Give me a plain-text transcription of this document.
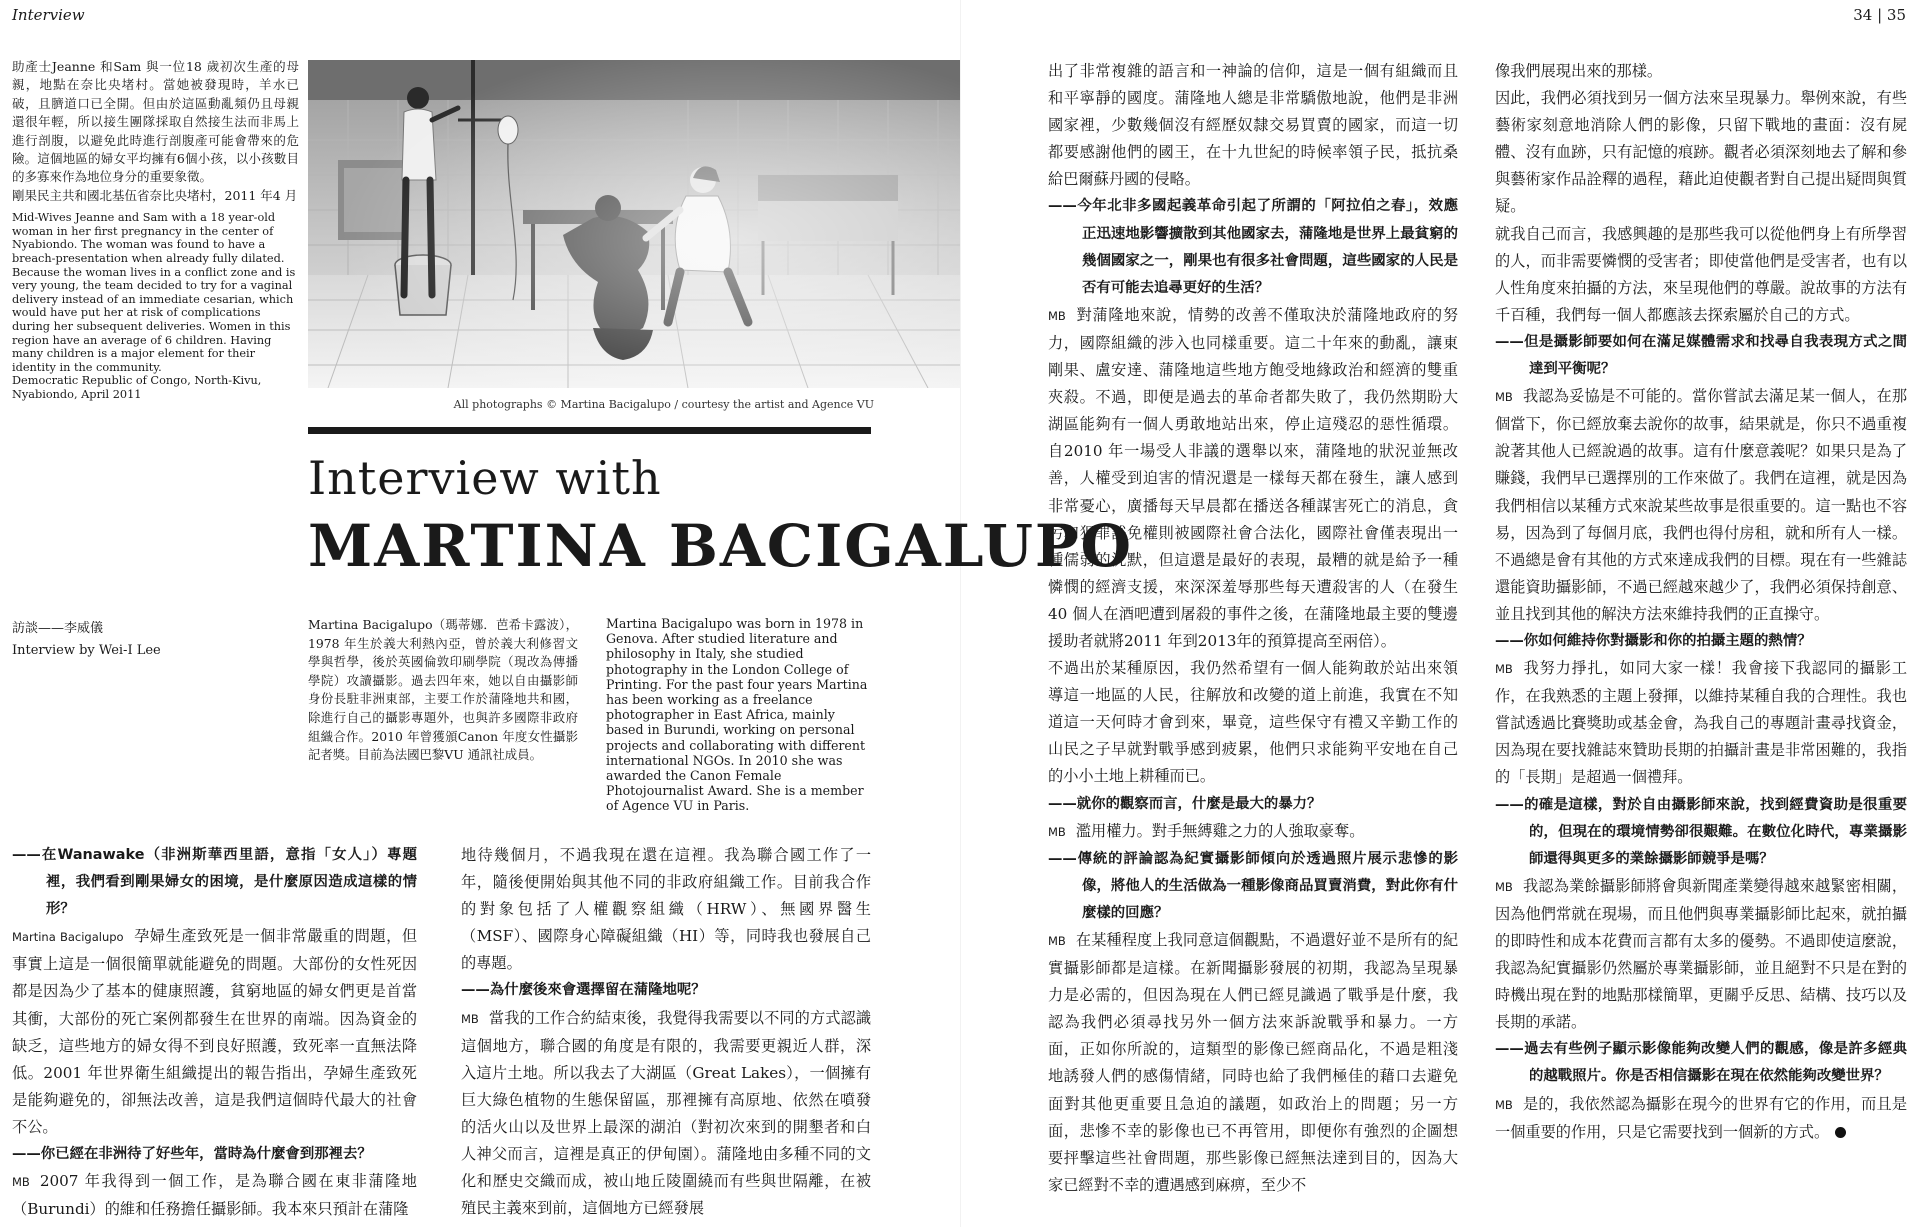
Interview	34 | 35

助產士Jeanne 和Sam 與一位18 歲初次生產的母親，地點在奈比央堵村。當她被發現時，羊水已破，且臍道口已全開。但由於這區動亂頻仍且母親還很年輕，所以接生團隊採取自然接生法而非馬上進行剖腹，以避免此時進行剖腹產可能會帶來的危險。這個地區的婦女平均擁有6個小孩，以小孩數目的多寡來作為地位身分的重要象徵。

剛果民主共和國北基伍省奈比央堵村，2011 年4 月

Mid-Wives Jeanne and Sam with a 18 year-old woman in her first pregnancy in the center of Nyabiondo. The woman was found to have a breach-presentation when already fully dilated. Because the woman lives in a conflict zone and is very young, the team decided to try for a vaginal delivery instead of an immediate cesarian, which would have put her at risk of complications during her subsequent deliveries. Women in this region have an average of 6 children. Having many children is a major element for their identity in the community.

Democratic Republic of Congo, North-Kivu, Nyabiondo, April 2011

All photographs © Martina Bacigalupo / courtesy the artist and Agence VU
Interview with
MARTINA BACIGALUPO
訪談——李威儀
Interview by Wei-I Lee
Martina Bacigalupo（瑪蒂娜．芭希卡露波），1978 年生於義大利熱內亞，曾於義大利修習文學與哲學，後於英國倫敦印刷學院（現改為傳播學院）攻讀攝影。過去四年來，她以自由攝影師身份長駐非洲東部，主要工作於蒲隆地共和國，除進行自己的攝影專題外，也與許多國際非政府組織合作。2010 年曾獲頒Canon 年度女性攝影記者獎。目前為法國巴黎VU 通訊社成員。
Martina Bacigalupo was born in 1978 in Genova. After studied literature and philosophy in Italy, she studied photography in the London College of Printing. For the past four years Martina has been working as a freelance photographer in East Africa, mainly based in Burundi, working on personal projects and collaborating with different international NGOs. In 2010 she was awarded the Canon Female Photojournalist Award. She is a member of Agence VU in Paris.

——在Wanawake（非洲斯華西里語，意指「女人」）專題裡，我們看到剛果婦女的困境，是什麼原因造成這樣的情形？

Martina Bacigalupo 孕婦生產致死是一個非常嚴重的問題，但事實上這是一個很簡單就能避免的問題。大部份的女性死因都是因為少了基本的健康照護，貧窮地區的婦女們更是首當其衝，大部份的死亡案例都發生在世界的南端。因為資金的缺乏，這些地方的婦女得不到良好照護，致死率一直無法降低。2001 年世界衛生組織提出的報告指出，孕婦生產致死是能夠避免的，卻無法改善，這是我們這個時代最大的社會不公。

——你已經在非洲待了好些年，當時為什麼會到那裡去？

MB 2007 年我得到一個工作，是為聯合國在東非蒲隆地（Burundi）的維和任務擔任攝影師。我本來只預計在蒲隆

地待幾個月，不過我現在還在這裡。我為聯合國工作了一年，隨後便開始與其他不同的非政府組織工作。目前我合作的對象包括了人權觀察組織（HRW）、無國界醫生（MSF）、國際身心障礙組織（HI）等，同時我也發展自己的專題。

——為什麼後來會選擇留在蒲隆地呢？

MB 當我的工作合約結束後，我覺得我需要以不同的方式認識這個地方，聯合國的角度是有限的，我需要更親近人群，深入這片土地。所以我去了大湖區（Great Lakes），一個擁有巨大綠色植物的生態保留區，那裡擁有高原地、依然在噴發的活火山以及世界上最深的湖泊（對初次來到的開墾者和白人神父而言，這裡是真正的伊甸園）。蒲隆地由多種不同的文化和歷史交織而成，被山地丘陵圍繞而有些與世隔離，在被殖民主義來到前，這個地方已經發展

出了非常複雜的語言和一神論的信仰，這是一個有組織而且和平寧靜的國度。蒲隆地人總是非常驕傲地說，他們是非洲國家裡，少數幾個沒有經歷奴隸交易買賣的國家，而這一切都要感謝他們的國王，在十九世紀的時候率領子民，抵抗桑給巴爾蘇丹國的侵略。

——今年北非多國起義革命引起了所謂的「阿拉伯之春」，效應正迅速地影響擴散到其他國家去，蒲隆地是世界上最貧窮的幾個國家之一，剛果也有很多社會問題，這些國家的人民是否有可能去追尋更好的生活？

MB 對蒲隆地來說，情勢的改善不僅取決於蒲隆地政府的努力，國際組織的涉入也同樣重要。這二十年來的動亂，讓東剛果、盧安達、蒲隆地這些地方飽受地緣政治和經濟的雙重夾殺。不過，即便是過去的革命者都失敗了，我仍然期盼大湖區能夠有一個人勇敢地站出來，停止這殘忍的惡性循環。自2010 年一場受人非議的選舉以來，蒲隆地的狀況並無改善，人權受到迫害的情況還是一樣每天都在發生，讓人感到非常憂心，廣播每天早晨都在播送各種謀害死亡的消息，貪污和犯罪豁免權則被國際社會合法化，國際社會僅表現出一種儒弱的沈默，但這還是最好的表現，最糟的就是給予一種憐憫的經濟支援，來深深羞辱那些每天遭殺害的人（在發生40 個人在酒吧遭到屠殺的事件之後，在蒲隆地最主要的雙邊援助者就將2011 年到2013年的預算提高至兩倍）。

不過出於某種原因，我仍然希望有一個人能夠敢於站出來領導這一地區的人民，往解放和改變的道上前進，我實在不知道這一天何時才會到來，畢竟，這些保守有禮又辛勤工作的山民之子早就對戰爭感到疲累，他們只求能夠平安地在自己的小小土地上耕種而已。

——就你的觀察而言，什麼是最大的暴力？

MB 濫用權力。對手無縛雞之力的人強取豪奪。

——傳統的評論認為紀實攝影師傾向於透過照片展示悲慘的影像，將他人的生活做為一種影像商品買賣消費，對此你有什麼樣的回應？

MB 在某種程度上我同意這個觀點，不過還好並不是所有的紀實攝影師都是這樣。在新聞攝影發展的初期，我認為呈現暴力是必需的，但因為現在人們已經見識過了戰爭是什麼，我認為我們必須尋找另外一個方法來訴說戰爭和暴力。一方面，正如你所說的，這類型的影像已經商品化，不過是粗淺地誘發人們的感傷情緒，同時也給了我們極佳的藉口去避免面對其他更重要且急迫的議題，如政治上的問題；另一方面，悲慘不幸的影像也已不再管用，即便你有強烈的企圖想要抨擊這些社會問題，那些影像已經無法達到目的，因為大家已經對不幸的遭遇感到麻痹，至少不

像我們展現出來的那樣。

因此，我們必須找到另一個方法來呈現暴力。舉例來說，有些藝術家刻意地消除人們的影像，只留下戰地的畫面：沒有屍體、沒有血跡，只有記憶的痕跡。觀者必須深刻地去了解和參與藝術家作品詮釋的過程，藉此迫使觀者對自己提出疑問與質疑。

就我自己而言，我感興趣的是那些我可以從他們身上有所學習的人，而非需要憐憫的受害者；即使當他們是受害者，也有以人性角度來拍攝的方法，來呈現他們的尊嚴。說故事的方法有千百種，我們每一個人都應該去探索屬於自己的方式。

——但是攝影師要如何在滿足媒體需求和找尋自我表現方式之間達到平衡呢？

MB 我認為妥協是不可能的。當你嘗試去滿足某一個人，在那個當下，你已經放棄去說你的故事，結果就是，你只不過重複說著其他人已經說過的故事。這有什麼意義呢？如果只是為了賺錢，我們早已選擇別的工作來做了。我們在這裡，就是因為我們相信以某種方式來說某些故事是很重要的。這一點也不容易，因為到了每個月底，我們也得付房租，就和所有人一樣。不過總是會有其他的方式來達成我們的目標。現在有一些雜誌還能資助攝影師，不過已經越來越少了，我們必須保持創意、並且找到其他的解決方法來維持我們的正直操守。

——你如何維持你對攝影和你的拍攝主題的熱情？

MB 我努力掙扎，如同大家一樣！我會接下我認同的攝影工作，在我熟悉的主題上發揮，以維持某種自我的合理性。我也嘗試透過比賽獎助或基金會，為我自己的專題計畫尋找資金，因為現在要找雜誌來贊助長期的拍攝計畫是非常困難的，我指的「長期」是超過一個禮拜。

——的確是這樣，對於自由攝影師來說，找到經費資助是很重要的，但現在的環境情勢卻很艱難。在數位化時代，專業攝影師還得與更多的業餘攝影師競爭是嗎？

MB 我認為業餘攝影師將會與新聞產業變得越來越緊密相關，因為他們常就在現場，而且他們與專業攝影師比起來，就拍攝的即時性和成本花費而言都有太多的優勢。不過即使這麼說，我認為紀實攝影仍然屬於專業攝影師，並且絕對不只是在對的時機出現在對的地點那樣簡單，更關乎反思、結構、技巧以及長期的承諾。

——過去有些例子顯示影像能夠改變人們的觀感，像是許多經典的越戰照片。你是否相信攝影在現在依然能夠改變世界？

MB 是的，我依然認為攝影在現今的世界有它的作用，而且是一個重要的作用，只是它需要找到一個新的方式。
